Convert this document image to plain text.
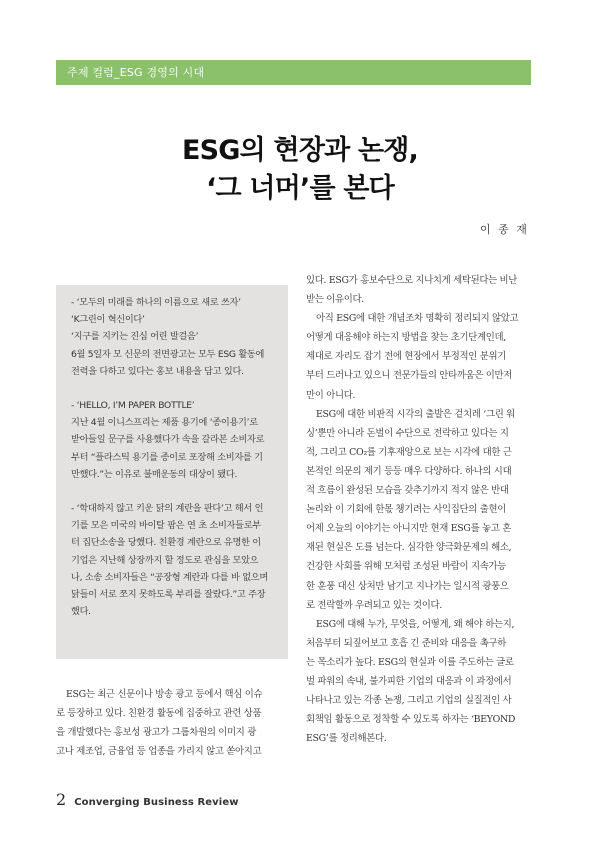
주제 컬럼_ESG 경영의 시대
ESG의 현장과 논쟁,
‘그 너머’를 본다
이 종 재
- ‘모두의 미래를 하나의 이름으로 새로 쓰자’
‘K그린이 혁신이다’
‘지구를 지키는 진심 어린 발걸음’
6월 5일자 모 신문의 전면광고는 모두 ESG 활동에
전력을 다하고 있다는 홍보 내용을 담고 있다.
- ‘HELLO, I’M PAPER BOTTLE’
지난 4월 이니스프리는 제품 용기에 ‘종이용기’로
받아들일 문구를 사용했다가 속을 갈라본 소비자로
부터 “플라스틱 용기를 종이로 포장해 소비자를 기
만했다.”는 이유로 불매운동의 대상이 됐다.
- ‘학대하지 않고 키운 닭의 계란을 판다’고 해서 인
기를 모은 미국의 바이탈 팜은 연 초 소비자들로부
터 집단소송을 당했다. 친환경 계란으로 유명한 이
기업은 지난해 상장까지 할 정도로 관심을 모았으
나, 소송 소비자들은 “공장형 계란과 다를 바 없으며
닭들이 서로 쪼지 못하도록 부리를 잘랐다.”고 주장
했다.
ESG는 최근 신문이나 방송 광고 등에서 핵심 이슈
로 등장하고 있다. 친환경 활동에 집중하고 관련 상품
을 개발했다는 홍보성 광고가 그룹차원의 이미지 광
고나 제조업, 금융업 등 업종을 가리지 않고 쏟아지고
있다. ESG가 홍보수단으로 지나치게 세탁된다는 비난
받는 이유이다.
아직 ESG에 대한 개념조차 명확히 정리되지 않았고
어떻게 대응해야 하는지 방법을 찾는 초기단계인데,
제대로 자리도 잡기 전에 현장에서 부정적인 분위기
부터 드러나고 있으니 전문가들의 안타까움은 이만저
만이 아니다.
ESG에 대한 비판적 시각의 출발은 겉치레 ‘그린 워
싱’뿐만 아니라 돈벌이 수단으로 전락하고 있다는 지
적, 그리고 CO₂를 기후재앙으로 보는 시각에 대한 근
본적인 의문의 제기 등등 매우 다양하다. 하나의 시대
적 흐름이 완성된 모습을 갖추기까지 적지 않은 반대
논리와 이 기회에 한몫 챙기려는 사익집단의 출현이
어제 오늘의 이야기는 아니지만 현재 ESG를 놓고 혼
재된 현실은 도를 넘는다. 심각한 양극화문제의 해소,
건강한 사회를 위해 모처럼 조성된 바람이 지속가능
한 훈풍 대신 상처만 남기고 지나가는 일시적 광풍으
로 전락할까 우려되고 있는 것이다.
ESG에 대해 누가, 무엇을, 어떻게, 왜 해야 하는지,
처음부터 되짚어보고 호흡 긴 준비와 대응을 촉구하
는 목소리가 높다. ESG의 현실과 이를 주도하는 글로
벌 파워의 속내, 불가피한 기업의 대응과 이 과정에서
나타나고 있는 각종 논쟁, 그리고 기업의 실질적인 사
회책임 활동으로 정착할 수 있도록 하자는 ‘BEYOND
ESG’를 정리해본다.
2 Converging Business Review
